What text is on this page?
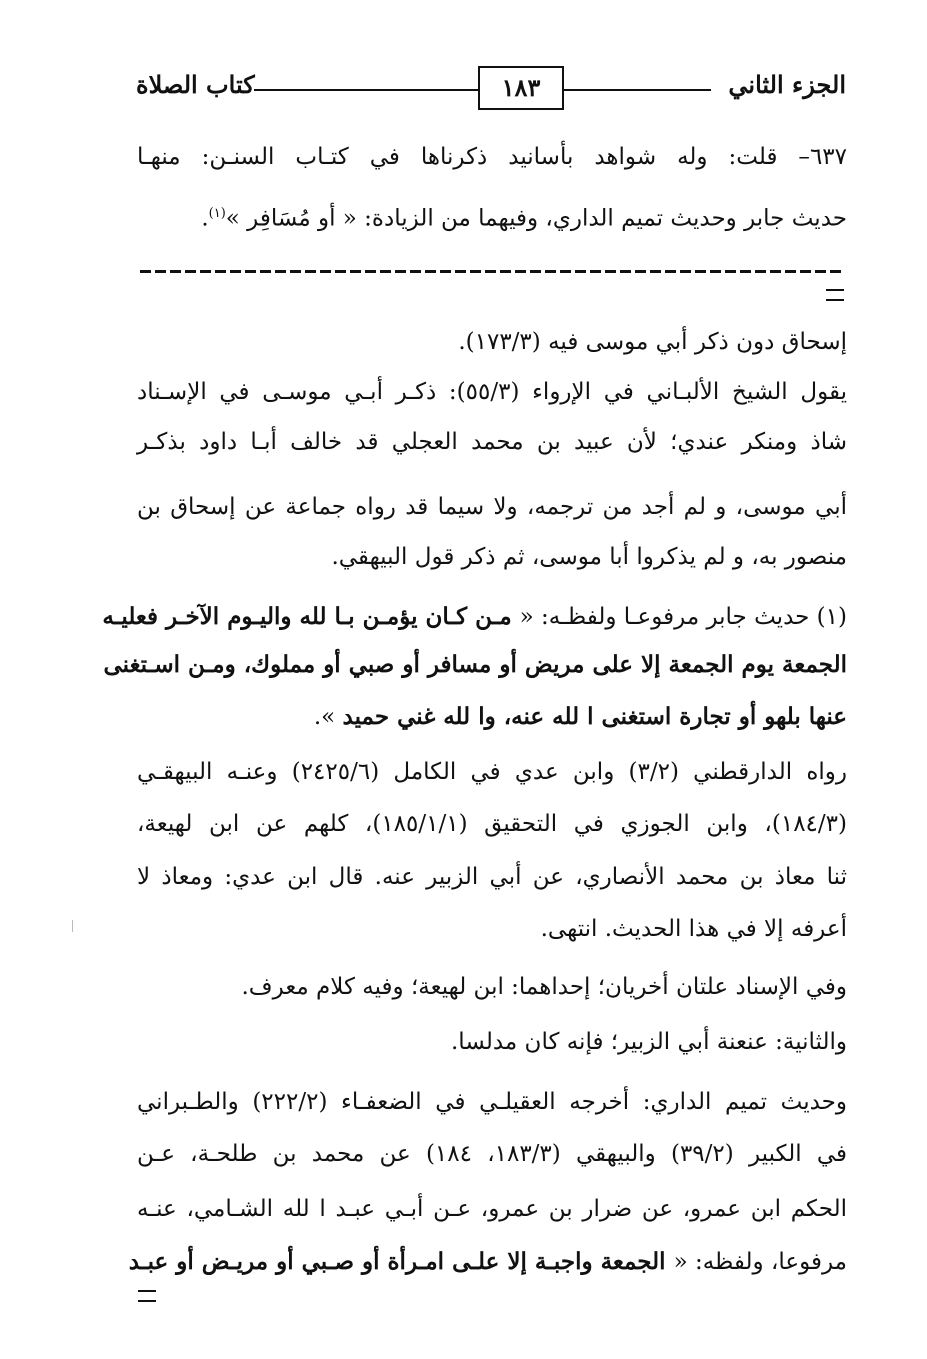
الجزء الثاني
١٨٣
كتاب الصلاة
٦٣٧– قلت: وله شواهد بأسانيد ذكرناها في كتـاب السنـن: منهـا
حديث جابر وحديث تميم الداري، وفيهما من الزيادة: « أو مُسَافِر »$^{(١)}$.
إسحاق دون ذكر أبي موسى فيه (١٧٣/٣).
يقول الشيخ الألبـاني في الإرواء (٥٥/٣): ذكـر أبـي موسـى في الإسـناد
شاذ ومنكر عندي؛ لأن عبيد بن محمد العجلي قد خالف أبـا داود بذكـر
أبي موسى، و لم أجد من ترجمه، ولا سيما قد رواه جماعة عن إسحاق بن
منصور به، و لم يذكروا أبا موسى، ثم ذكر قول البيهقي.
(١) حديث جابر مرفوعـا ولفظـه: « مـن كـان يؤمـن بـا لله واليـوم الآخـر فعليـه
الجمعة يوم الجمعة إلا على مريض أو مسافر أو صبي أو مملوك، ومـن اسـتغنى
عنها بلهو أو تجارة استغنى ا لله عنه، وا لله غني حميد ».
رواه الدارقطني (٣/٢) وابن عدي في الكامل (٢٤٢٥/٦) وعنـه البيهقـي
(١٨٤/٣)، وابن الجوزي في التحقيق (١٨٥/١/١)، كلهم عن ابن لهيعة،
ثنا معاذ بن محمد الأنصاري، عن أبي الزبير عنه. قال ابن عدي: ومعاذ لا
أعرفه إلا في هذا الحديث. انتهى.
وفي الإسناد علتان أخريان؛ إحداهما: ابن لهيعة؛ وفيه كلام معرف.
والثانية: عنعنة أبي الزبير؛ فإنه كان مدلسا.
وحديث تميم الداري: أخرجه العقيلـي في الضعفـاء (٢٢٢/٢) والطـبراني
في الكبير (٣٩/٢) والبيهقي (١٨٣/٣، ١٨٤) عن محمد بن طلحـة، عـن
الحكم ابن عمرو، عن ضرار بن عمرو، عـن أبـي عبـد ا لله الشـامي، عنـه
مرفوعا، ولفظه: « الجمعة واجبـة إلا علـى امـرأة أو صـبي أو مريـض أو عبـد
